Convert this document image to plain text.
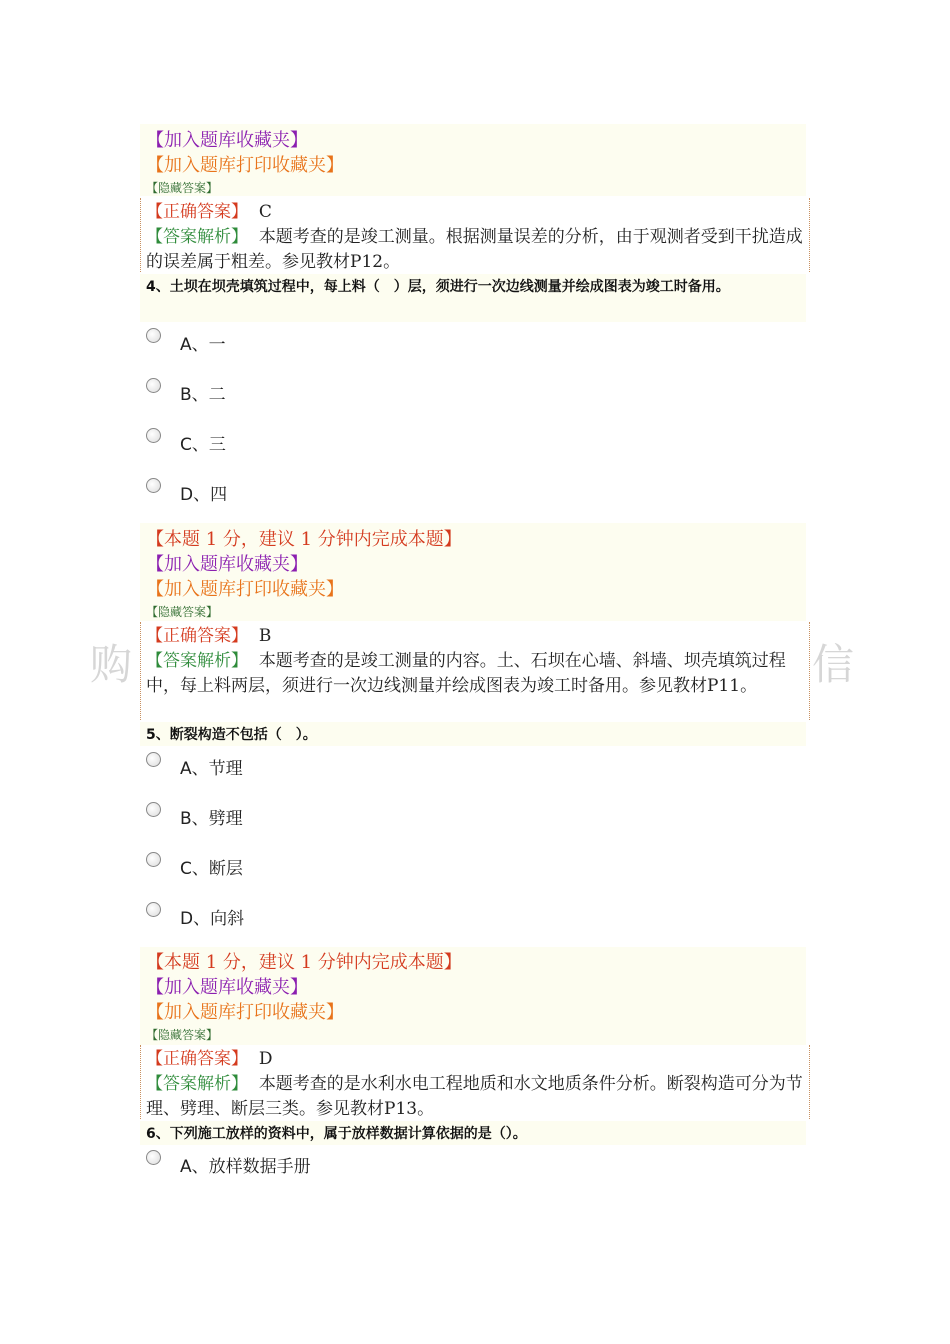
购	信
【加入题库收藏夹】
【加入题库打印收藏夹】
【隐藏答案】
【正确答案】 C
【答案解析】 本题考查的是竣工测量。根据测量误差的分析，由于观测者受到干扰造成的误差属于粗差。参见教材P12。
4、土坝在坝壳填筑过程中，每上料（　）层，须进行一次边线测量并绘成图表为竣工时备用。
A、一
B、二
C、三
D、四
【本题 1 分，建议 1 分钟内完成本题】
【加入题库收藏夹】
【加入题库打印收藏夹】
【隐藏答案】
【正确答案】 B
【答案解析】 本题考查的是竣工测量的内容。土、石坝在心墙、斜墙、坝壳填筑过程中，每上料两层，须进行一次边线测量并绘成图表为竣工时备用。参见教材P11。
5、断裂构造不包括（　）。
A、节理
B、劈理
C、断层
D、向斜
【本题 1 分，建议 1 分钟内完成本题】
【加入题库收藏夹】
【加入题库打印收藏夹】
【隐藏答案】
【正确答案】 D
【答案解析】 本题考查的是水利水电工程地质和水文地质条件分析。断裂构造可分为节理、劈理、断层三类。参见教材P13。
6、下列施工放样的资料中，属于放样数据计算依据的是（）。
A、放样数据手册
